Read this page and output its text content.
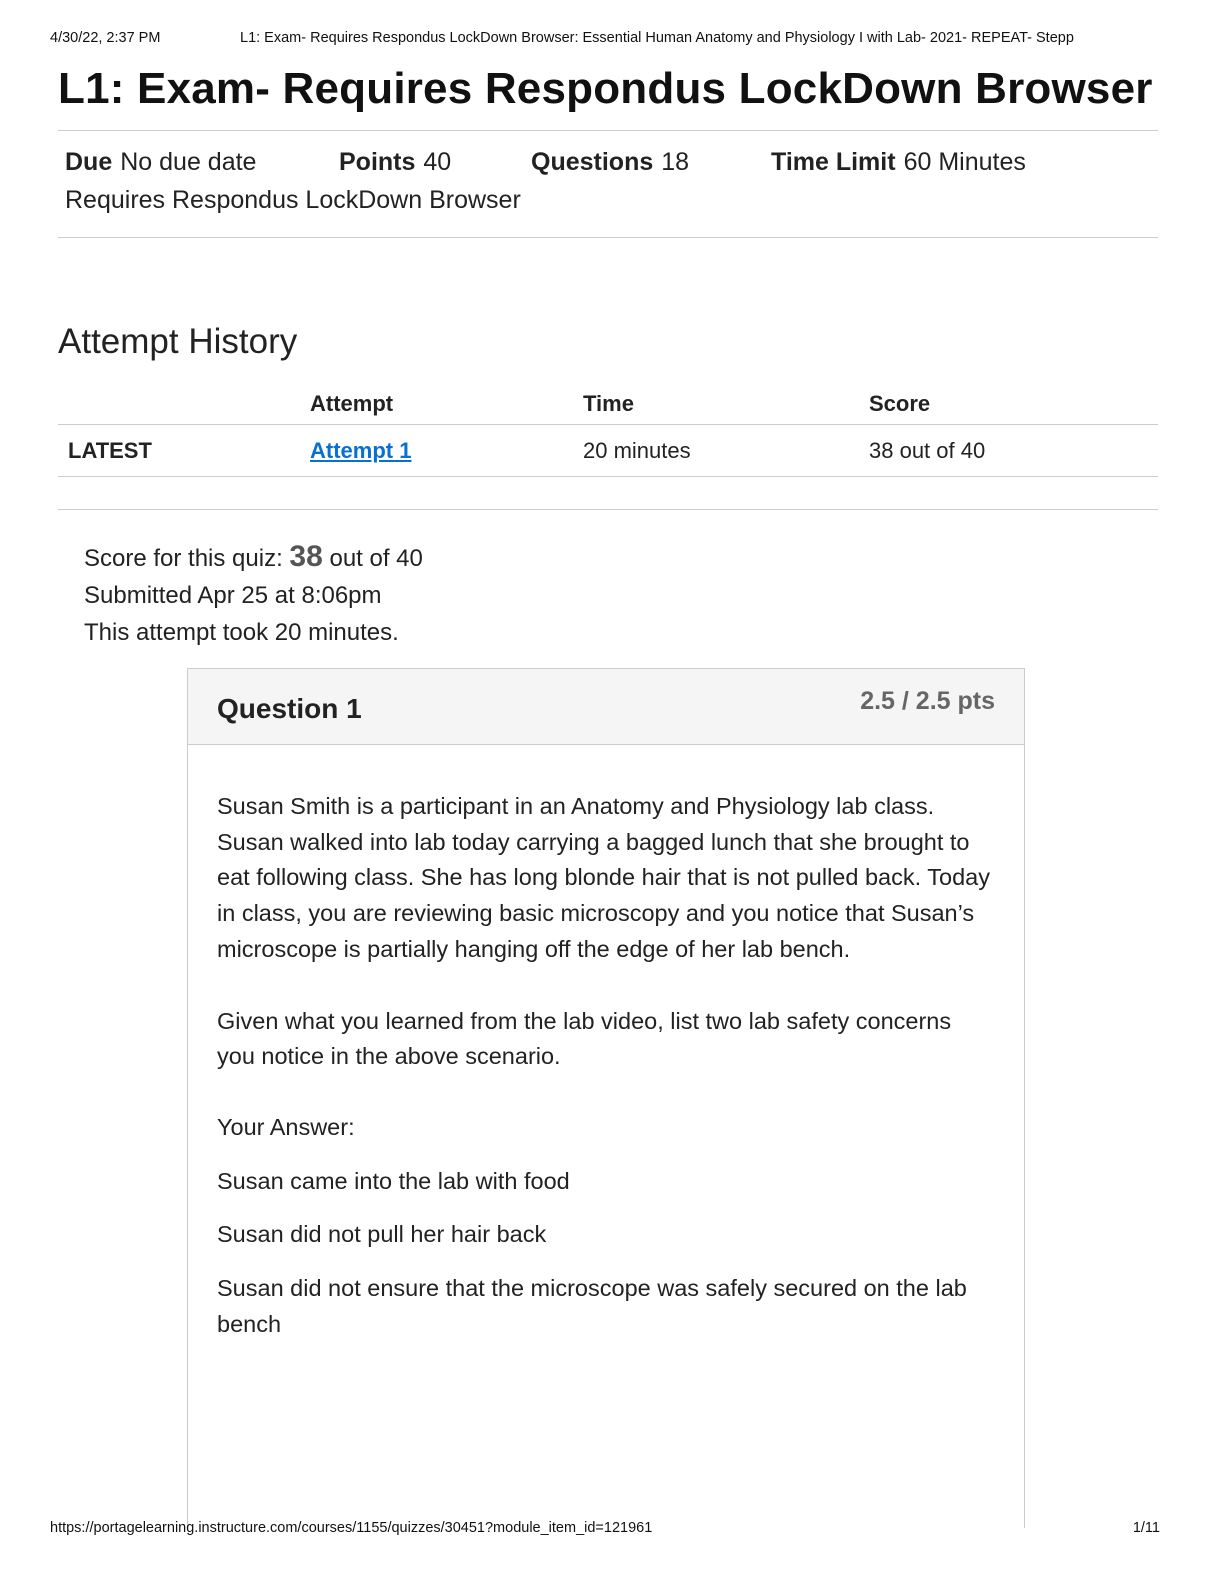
4/30/22, 2:37 PM	L1: Exam- Requires Respondus LockDown Browser: Essential Human Anatomy and Physiology I with Lab- 2021- REPEAT- Stepp
L1: Exam- Requires Respondus LockDown Browser
Due No due date	Points 40	Questions 18	Time Limit 60 Minutes
Requires Respondus LockDown Browser
Attempt History
	Attempt	Time	Score
LATEST	Attempt 1	20 minutes	38 out of 40
Score for this quiz: 38 out of 40
Submitted Apr 25 at 8:06pm
This attempt took 20 minutes.
Question 1	2.5 / 2.5 pts

Susan Smith is a participant in an Anatomy and Physiology lab class. Susan walked into lab today carrying a bagged lunch that she brought to eat following class. She has long blonde hair that is not pulled back. Today in class, you are reviewing basic microscopy and you notice that Susan’s microscope is partially hanging off the edge of her lab bench.

Given what you learned from the lab video, list two lab safety concerns you notice in the above scenario.

Your Answer:

Susan came into the lab with food

Susan did not pull her hair back

Susan did not ensure that the microscope was safely secured on the lab bench

https://portagelearning.instructure.com/courses/1155/quizzes/30451?module_item_id=121961	1/11
